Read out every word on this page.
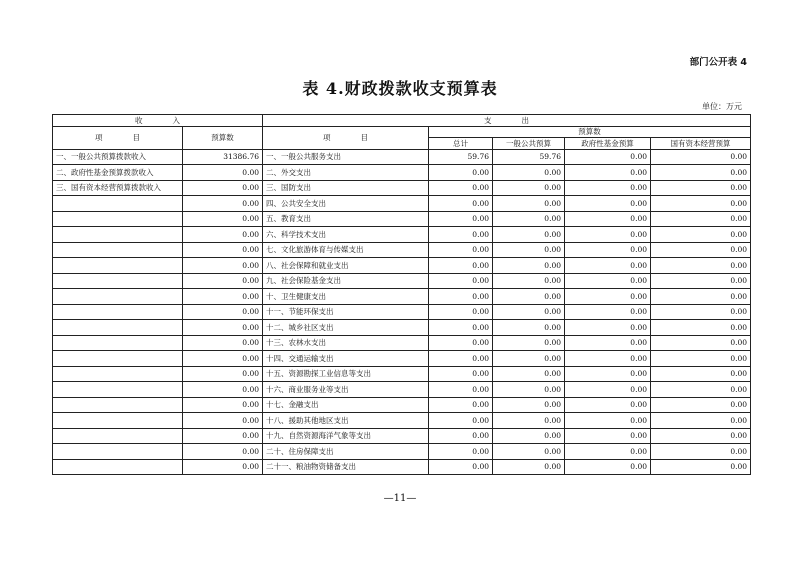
部门公开表 4
表 4.财政拨款收支预算表
单位：万元
收　　　　入		支　　　　出				
项　　　　目	预算数	项　　　　目	预算数			
			总计	一般公共预算	政府性基金预算	国有资本经营预算
一、一般公共预算拨款收入	31386.76	一、一般公共服务支出	59.76	59.76	0.00	0.00
二、政府性基金预算拨款收入	0.00	二、外交支出	0.00	0.00	0.00	0.00
三、国有资本经营预算拨款收入	0.00	三、国防支出	0.00	0.00	0.00	0.00
	0.00	四、公共安全支出	0.00	0.00	0.00	0.00
	0.00	五、教育支出	0.00	0.00	0.00	0.00
	0.00	六、科学技术支出	0.00	0.00	0.00	0.00
	0.00	七、文化旅游体育与传媒支出	0.00	0.00	0.00	0.00
	0.00	八、社会保障和就业支出	0.00	0.00	0.00	0.00
	0.00	九、社会保险基金支出	0.00	0.00	0.00	0.00
	0.00	十、卫生健康支出	0.00	0.00	0.00	0.00
	0.00	十一、节能环保支出	0.00	0.00	0.00	0.00
	0.00	十二、城乡社区支出	0.00	0.00	0.00	0.00
	0.00	十三、农林水支出	0.00	0.00	0.00	0.00
	0.00	十四、交通运输支出	0.00	0.00	0.00	0.00
	0.00	十五、资源勘探工业信息等支出	0.00	0.00	0.00	0.00
	0.00	十六、商业服务业等支出	0.00	0.00	0.00	0.00
	0.00	十七、金融支出	0.00	0.00	0.00	0.00
	0.00	十八、援助其他地区支出	0.00	0.00	0.00	0.00
	0.00	十九、自然资源海洋气象等支出	0.00	0.00	0.00	0.00
	0.00	二十、住房保障支出	0.00	0.00	0.00	0.00
	0.00	二十一、粮油物资储备支出	0.00	0.00	0.00	0.00
—11—
